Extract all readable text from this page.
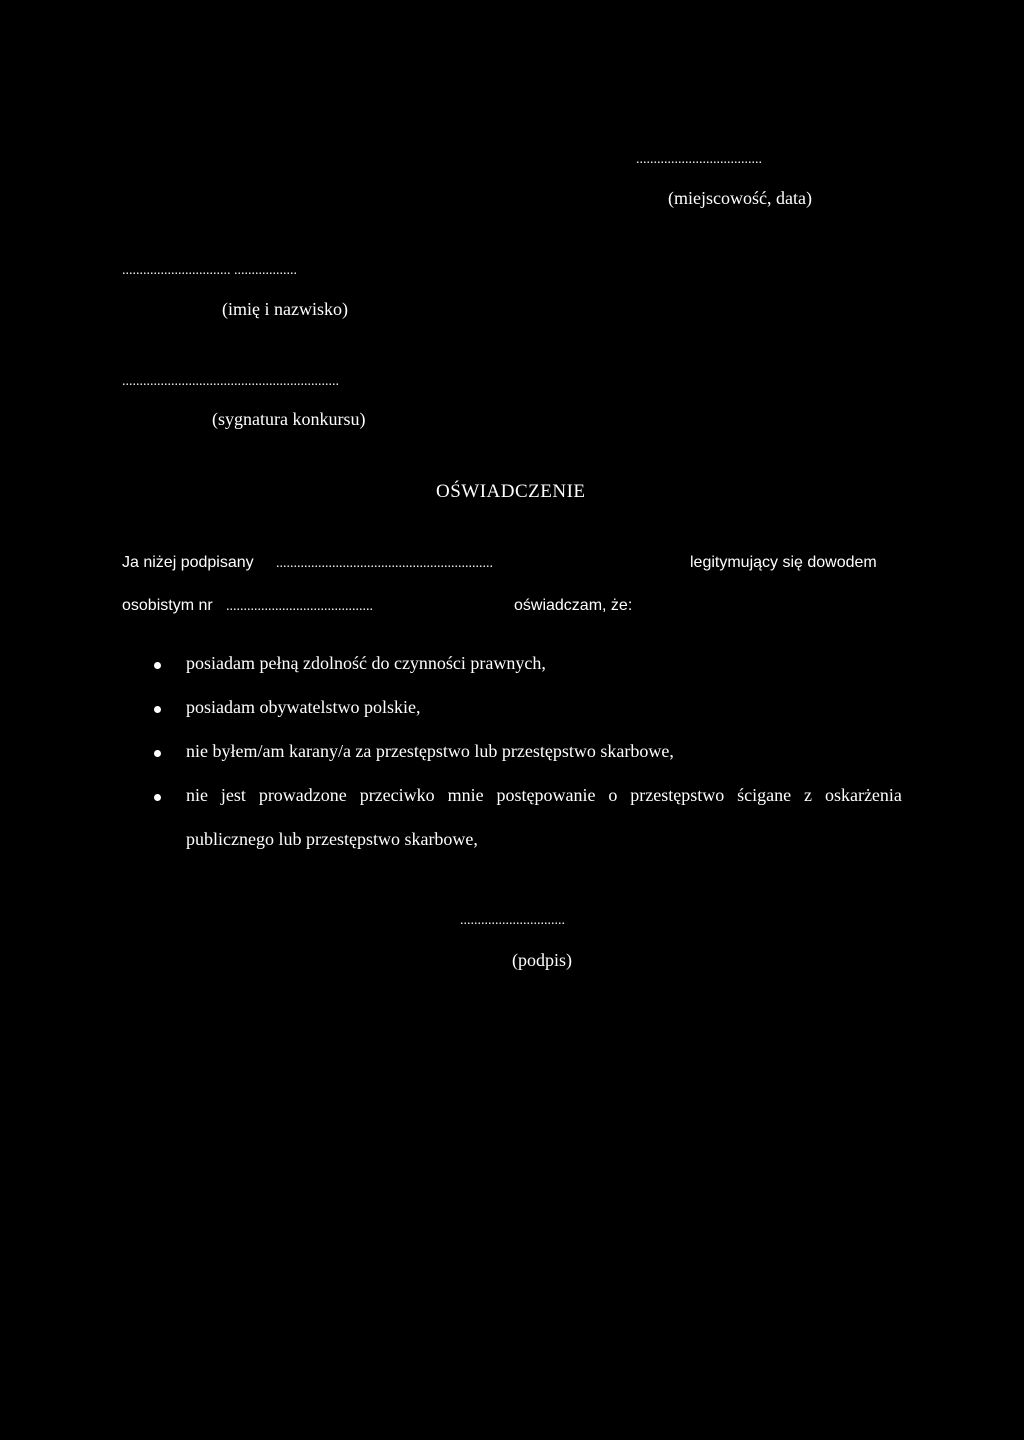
....................................
(miejscowość, data)
............................... ..................
(imię i nazwisko)
..............................................................
(sygnatura konkursu)
OŚWIADCZENIE
Ja niżej podpisany ..............................................................	legitymujący się dowodem
osobistym nr ..........................................	oświadczam, że:
posiadam pełną zdolność do czynności prawnych,
posiadam obywatelstwo polskie,
nie byłem/am karany/a za przestępstwo lub przestępstwo skarbowe,
nie jest prowadzone przeciwko mnie postępowanie o przestępstwo ścigane z oskarżenia
publicznego lub przestępstwo skarbowe,
..............................
(podpis)
